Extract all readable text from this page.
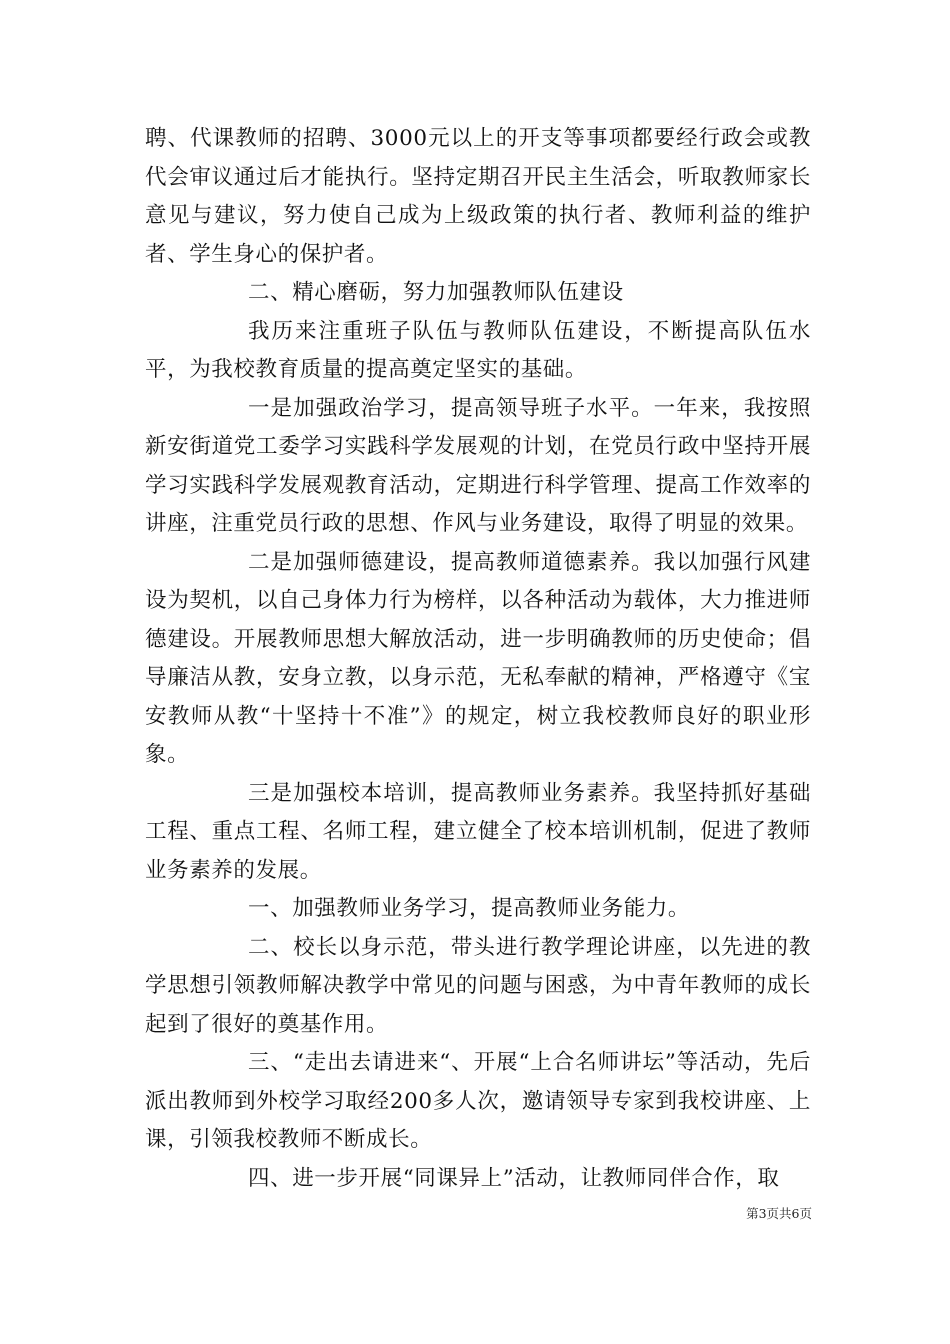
聘、代课教师的招聘、3000元以上的开支等事项都要经行政会或教代会审议通过后才能执行。坚持定期召开民主生活会，听取教师家长意见与建议，努力使自己成为上级政策的执行者、教师利益的维护者、学生身心的保护者。

二、精心磨砺，努力加强教师队伍建设

我历来注重班子队伍与教师队伍建设，不断提高队伍水平，为我校教育质量的提高奠定坚实的基础。

一是加强政治学习，提高领导班子水平。一年来，我按照新安街道党工委学习实践科学发展观的计划，在党员行政中坚持开展学习实践科学发展观教育活动，定期进行科学管理、提高工作效率的讲座，注重党员行政的思想、作风与业务建设，取得了明显的效果。

二是加强师德建设，提高教师道德素养。我以加强行风建设为契机，以自己身体力行为榜样，以各种活动为载体，大力推进师德建设。开展教师思想大解放活动，进一步明确教师的历史使命；倡导廉洁从教，安身立教，以身示范，无私奉献的精神，严格遵守《宝安教师从教“十坚持十不准”》的规定，树立我校教师良好的职业形象。

三是加强校本培训，提高教师业务素养。我坚持抓好基础工程、重点工程、名师工程，建立健全了校本培训机制，促进了教师业务素养的发展。

一、加强教师业务学习，提高教师业务能力。

二、校长以身示范，带头进行教学理论讲座，以先进的教学思想引领教师解决教学中常见的问题与困惑，为中青年教师的成长起到了很好的奠基作用。

三、“走出去请进来“、开展“上合名师讲坛”等活动，先后派出教师到外校学习取经200多人次，邀请领导专家到我校讲座、上课，引领我校教师不断成长。

四、进一步开展“同课异上”活动，让教师同伴合作，取

第3页共6页
